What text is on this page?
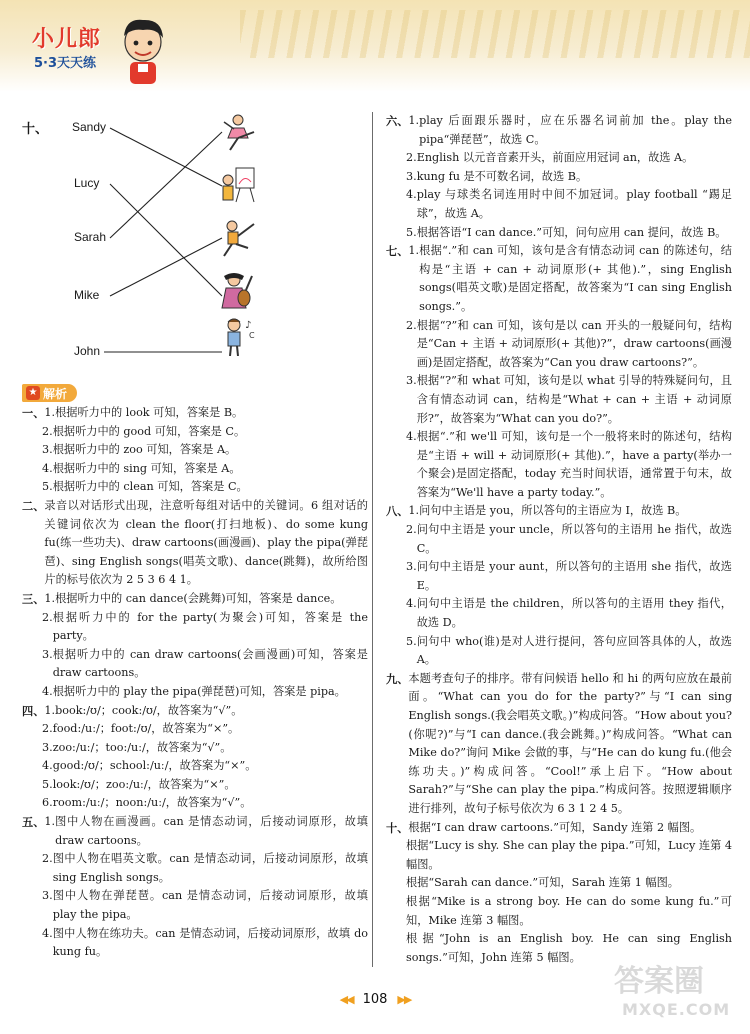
小儿郎
5·3天天练
十、 Sandy
Lucy
Sarah
Mike
John
♪
C
★ 解析
一、 1. 根据听力中的 look 可知，答案是 B。
2. 根据听力中的 good 可知，答案是 C。
3. 根据听力中的 zoo 可知，答案是 A。
4. 根据听力中的 sing 可知，答案是 A。
5. 根据听力中的 clean 可知，答案是 C。
二、 录音以对话形式出现，注意听每组对话中的关键词。6 组对话的关键词依次为 clean the floor(打扫地板)、do some kung fu(练一些功夫)、draw cartoons(画漫画)、play the pipa(弹琵琶)、sing English songs(唱英文歌)、dance(跳舞)，故所给图片的标号依次为 2 5 3 6 4 1。
三、 1. 根据听力中的 can dance(会跳舞)可知，答案是 dance。
2. 根据听力中的 for the party(为聚会)可知，答案是 the party。
3. 根据听力中的 can draw cartoons(会画漫画)可知，答案是 draw cartoons。
4. 根据听力中的 play the pipa(弹琵琶)可知，答案是 pipa。
四、 1. book:/ʊ/；cook:/ʊ/，故答案为“√”。
2. food:/uː/；foot:/ʊ/，故答案为“×”。
3. zoo:/uː/；too:/uː/，故答案为“√”。
4. good:/ʊ/；school:/uː/，故答案为“×”。
5. look:/ʊ/；zoo:/uː/，故答案为“×”。
6. room:/uː/；noon:/uː/，故答案为“√”。
五、 1. 图中人物在画漫画。can 是情态动词，后接动词原形，故填 draw cartoons。
2. 图中人物在唱英文歌。can 是情态动词，后接动词原形，故填 sing English songs。
3. 图中人物在弹琵琶。can 是情态动词，后接动词原形，故填 play the pipa。
4. 图中人物在练功夫。can 是情态动词，后接动词原形，故填 do kung fu。
六、 1. play 后面跟乐器时，应在乐器名词前加 the。play the pipa“弹琵琶”，故选 C。
2. English 以元音音素开头，前面应用冠词 an，故选 A。
3. kung fu 是不可数名词，故选 B。
4. play 与球类名词连用时中间不加冠词。play football “踢足球”，故选 A。
5. 根据答语“I can dance.”可知，问句应用 can 提问，故选 B。
七、 1. 根据“.”和 can 可知，该句是含有情态动词 can 的陈述句，结构是“主语 + can + 动词原形(+ 其他).”，sing English songs(唱英文歌)是固定搭配，故答案为“I can sing English songs.”。
2. 根据“?”和 can 可知，该句是以 can 开头的一般疑问句，结构是“Can + 主语 + 动词原形(+ 其他)?”，draw cartoons(画漫画)是固定搭配，故答案为“Can you draw cartoons?”。
3. 根据“?”和 what 可知，该句是以 what 引导的特殊疑问句，且含有情态动词 can，结构是“What + can + 主语 + 动词原形?”，故答案为“What can you do?”。
4. 根据“.”和 we'll 可知，该句是一个一般将来时的陈述句，结构是“主语 + will + 动词原形(+ 其他).”，have a party(举办一个聚会)是固定搭配，today 充当时间状语，通常置于句末，故答案为“We'll have a party today.”。
八、 1. 问句中主语是 you，所以答句的主语应为 I，故选 B。
2. 问句中主语是 your uncle，所以答句的主语用 he 指代，故选 C。
3. 问句中主语是 your aunt，所以答句的主语用 she 指代，故选 E。
4. 问句中主语是 the children，所以答句的主语用 they 指代，故选 D。
5. 问句中 who(谁)是对人进行提问，答句应回答具体的人，故选 A。
九、 本题考查句子的排序。带有问候语 hello 和 hi 的两句应放在最前面。“What can you do for the party?”与“I can sing English songs.(我会唱英文歌。)”构成问答。“How about you?(你呢?)”与“I can dance.(我会跳舞。)”构成问答。“What can Mike do?”询问 Mike 会做的事，与“He can do kung fu.(他会练功夫。)”构成问答。“Cool!”承上启下。“How about Sarah?”与“She can play the pipa.”构成问答。按照逻辑顺序进行排列，故句子标号依次为 6 3 1 2 4 5。
十、 根据“I can draw cartoons.”可知，Sandy 连第 2 幅图。
根据“Lucy is shy. She can play the pipa.”可知，Lucy 连第 4 幅图。
根据“Sarah can dance.”可知，Sarah 连第 1 幅图。
根据“Mike is a strong boy. He can do some kung fu.”可知，Mike 连第 3 幅图。
根据“John is an English boy. He can sing English songs.”可知，John 连第 5 幅图。
◀◀ 108 ▶▶	答案圈
MXQE.COM
